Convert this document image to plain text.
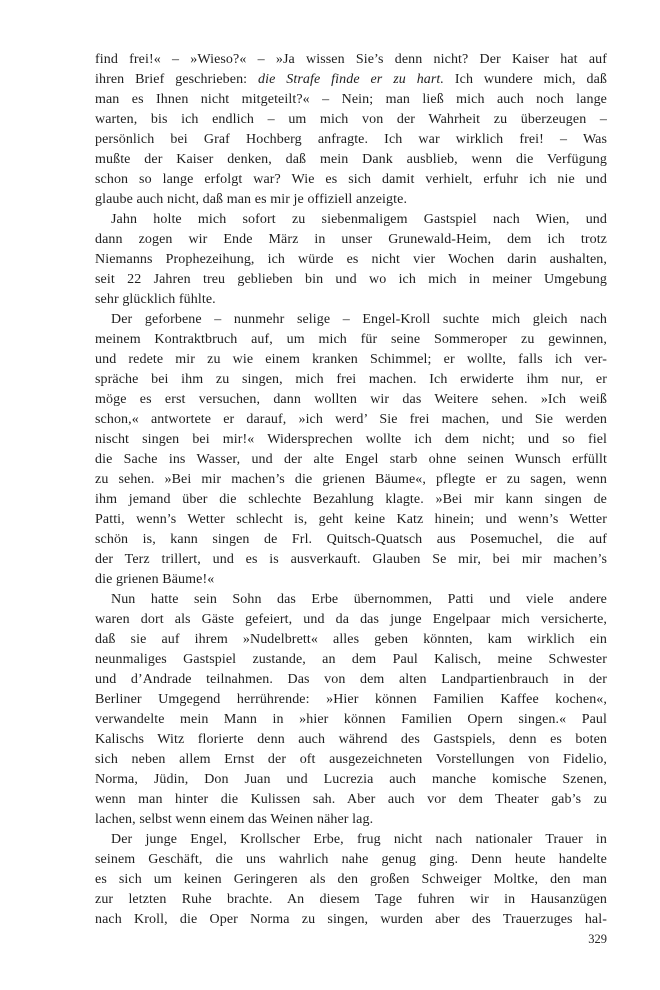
find frei!« – »Wieso?« – »Ja wissen Sie’s denn nicht? Der Kaiser hat auf
ihren Brief geschrieben: die Strafe finde er zu hart. Ich wundere mich, daß
man es Ihnen nicht mitgeteilt?« – Nein; man ließ mich auch noch lange
warten, bis ich endlich – um mich von der Wahrheit zu überzeugen –
persönlich bei Graf Hochberg anfragte. Ich war wirklich frei! – Was
mußte der Kaiser denken, daß mein Dank ausblieb, wenn die Verfügung
schon so lange erfolgt war? Wie es sich damit verhielt, erfuhr ich nie und
glaube auch nicht, daß man es mir je offiziell anzeigte.
Jahn holte mich sofort zu siebenmaligem Gastspiel nach Wien, und
dann zogen wir Ende März in unser Grunewald-Heim, dem ich trotz
Niemanns Prophezeihung, ich würde es nicht vier Wochen darin aushalten,
seit 22 Jahren treu geblieben bin und wo ich mich in meiner Umgebung
sehr glücklich fühlte.
Der geforbene – nunmehr selige – Engel-Kroll suchte mich gleich nach
meinem Kontraktbruch auf, um mich für seine Sommeroper zu gewinnen,
und redete mir zu wie einem kranken Schimmel; er wollte, falls ich ver-
spräche bei ihm zu singen, mich frei machen. Ich erwiderte ihm nur, er
möge es erst versuchen, dann wollten wir das Weitere sehen. »Ich weiß
schon,« antwortete er darauf, »ich werd’ Sie frei machen, und Sie werden
nischt singen bei mir!« Widersprechen wollte ich dem nicht; und so fiel
die Sache ins Wasser, und der alte Engel starb ohne seinen Wunsch erfüllt
zu sehen. »Bei mir machen’s die grienen Bäume«, pflegte er zu sagen, wenn
ihm jemand über die schlechte Bezahlung klagte. »Bei mir kann singen de
Patti, wenn’s Wetter schlecht is, geht keine Katz hinein; und wenn’s Wetter
schön is, kann singen de Frl. Quitsch-Quatsch aus Posemuchel, die auf
der Terz trillert, und es is ausverkauft. Glauben Se mir, bei mir machen’s
die grienen Bäume!«
Nun hatte sein Sohn das Erbe übernommen, Patti und viele andere
waren dort als Gäste gefeiert, und da das junge Engelpaar mich versicherte,
daß sie auf ihrem »Nudelbrett« alles geben könnten, kam wirklich ein
neunmaliges Gastspiel zustande, an dem Paul Kalisch, meine Schwester
und d’Andrade teilnahmen. Das von dem alten Landpartienbrauch in der
Berliner Umgegend herrührende: »Hier können Familien Kaffee kochen«,
verwandelte mein Mann in »hier können Familien Opern singen.« Paul
Kalischs Witz florierte denn auch während des Gastspiels, denn es boten
sich neben allem Ernst der oft ausgezeichneten Vorstellungen von Fidelio,
Norma, Jüdin, Don Juan und Lucrezia auch manche komische Szenen,
wenn man hinter die Kulissen sah. Aber auch vor dem Theater gab’s zu
lachen, selbst wenn einem das Weinen näher lag.
Der junge Engel, Krollscher Erbe, frug nicht nach nationaler Trauer in
seinem Geschäft, die uns wahrlich nahe genug ging. Denn heute handelte
es sich um keinen Geringeren als den großen Schweiger Moltke, den man
zur letzten Ruhe brachte. An diesem Tage fuhren wir in Hausanzügen
nach Kroll, die Oper Norma zu singen, wurden aber des Trauerzuges hal-
329
